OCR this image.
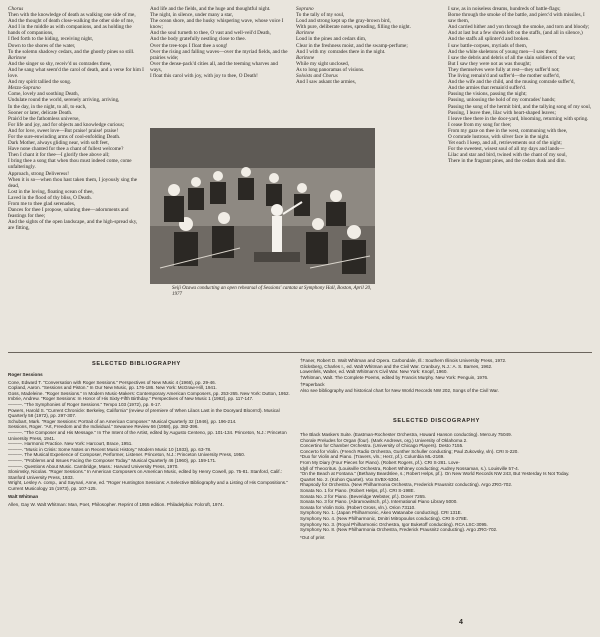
Chorus
Then with the knowledge of death as walking one side of me,
And the thought of death close-walking the other side of me,
And I in the middle as with companions, and as holding the hands of companions,
I fled forth to the hiding, receiving night,
Down to the shores of the water,
To the solemn shadowy cedars, and the ghostly pines so still.
Baritone
And the singer so shy, receiv'd us comrades three,
And he sang what seem'd the carol of death, and a verse for him I love.
And my spirit tallied the song.
Mezzo-Soprano
Come, lovely and soothing Death,
Undulate round the world, serenely arriving, arriving,
In the day, in the night, to all, to each,
Sooner or later, delicate Death.
Prais'd be the fathomless universe,
For life and joy, and for objects and knowledge curious;
And for love, sweet love—But praise! praise! praise!
For the sure-enwinding arms of cool-enfolding Death.
Dark Mother, always gliding near, with soft feet,
Have none chanted for thee a chant of fullest welcome?
Then I chant it for thee—I glorify thee above all;
I bring thee a song that when thou must indeed come, come unfalteringly.
Approach, strong Deliveress!
When it is so—when thou hast taken them, I joyously sing the dead,
Lost in the loving, floating ocean of thee,
Laved in the flood of thy bliss, O Death.
From me to thee glad serenades,
Dances for thee I propose, saluting thee—adornments and feastings for thee;
And the sights of the open landscape, and the high-spread sky, are fitting,
And life and the fields, and the huge and thoughtful night.
The night, in silence, under many a star,
The ocean shore, and the husky whispering wave, whose voice I know;
And the soul turneth to thee, O vast and well-veil'd Death,
And the body gratefully nestling close to thee.
Over the tree-tops I float thee a song!
Over the rising and falling waves—over the myriad fields, and the prairies wide;
Over the dense-pack'd cities all, and the teeming wharves and ways,
I float this carol with joy, with joy to thee, O Death!
Soprano
To the tally of my soul,
Loud and strong kept up the gray-brown bird,
With pure, deliberate notes, spreading, filling the night.
Baritone
Loud in the pines and cedars dim,
Clear in the freshness moist, and the swamp-perfume;
And I with my comrades there in the night.
Baritone
While my sight unclosed,
As to long panoramas of visions.
Soloists and Chorus
And I saw askant the armies,
I saw, as in noiseless dreams, hundreds of battle-flags;
Borne through the smoke of the battle, and pierc'd with missiles, I saw them,
And carried hither and yon through the smoke, and torn and bloody;
And at last but a few shreds left on the staffs, (and all in silence,)
And the staffs all splinter'd and broken.
I saw battle-corpses, myriads of them,
And the white skeletons of young men—I saw them;
I saw the debris and debris of all the slain soldiers of the war;
But I saw they were not as was thought;
They themselves were fully at rest—they suffer'd not;
The living remain'd and suffer'd—the mother suffer'd,
And the wife and the child, and the musing comrade suffer'd,
And the armies that remain'd suffer'd.
Passing the visions, passing the night;
Passing, unloosing the hold of my comrades' hands;
Passing the song of the hermit bird, and the tallying song of my soul,
Passing, I leave thee, lilac with heart-shaped leaves;
I leave thee there in the door-yard, blooming, returning with spring.
I cease from my song for thee;
From my gaze on thee in the west, communing with thee,
O comrade lustrous, with silver face in the night.
Yet each I keep, and all, retrievements out of the night;
For the sweetest, wisest soul of all my days and lands—
Lilac and star and bird, twined with the chant of my soul,
There in the fragrant pines, and the cedars dusk and dim.
Seiji Ozawa conducting an open rehearsal of Sessions' cantata at Symphony Hall, Boston, April 20, 1977
SELECTED BIBLIOGRAPHY
Roger Sessions
Cone, Edward T. "Conversation with Roger Sessions." Perspectives of New Music 4 (1966), pp. 29-46.
Copland, Aaron. "Sessions and Piston." In Our New Music, pp. 176-186. New York: McGraw-Hill, 1941.
Goss, Madeleine. "Roger Sessions." In Modern Music-Makers: Contemporary American Composers, pp. 253-265. New York: Dutton, 1952.
Imbrie, Andrew. "Roger Sessions: In Honor of His Sixty-Fifth Birthday." Perspectives of New Music 1 (1962), pp. 117-147.
———. "The Symphonies of Roger Sessions." Tempo 103 (1972), pp. 6-17.
Powers, Harold S. "Current Chronicle: Berkeley, California" (review of premiere of When Lilacs Last in the Dooryard Bloom'd). Musical Quarterly 58 (1972), pp. 297-307.
Schubart, Mark. "Roger Sessions: Portrait of an American Composer." Musical Quarterly 32 (1946), pp. 196-214.
Sessions, Roger. "Art, Freedom and the Individual." Sewanee Review 66 (1958), pp. 382-396.
———. "The Composer and His Message." In The Intent of the Artist, edited by Augusto Centeno, pp. 101-134. Princeton, N.J.: Princeton University Press, 1941.
———. Harmonic Practice. New York: Harcourt, Brace, 1951.
———. "Music in Crisis: Some Notes on Recent Music History." Modern Music 10 (1933), pp. 63-78.
———. The Musical Experience of Composer, Performer, Listener. Princeton, N.J.: Princeton University Press, 1950.
———. "Problems and Issues Facing the Composer Today." Musical Quarterly 46 (1960), pp. 159-171.
———. Questions About Music. Cambridge, Mass.: Harvard University Press, 1970.
Slonimsky, Nicolas. "Roger Sessions." In American Composers on American Music, edited by Henry Cowell, pp. 75-81. Stanford, Calif.: Stanford University Press, 1933.
Wright, Lesley A. comp., and Saynari, Anne, ed. "Roger Huntington Sessions: A Selective Bibliography and a Listing of His Compositions." Current Musicology 15 (1973), pp. 107-125.
Walt Whitman
Allen, Gay W. Walt Whitman: Man, Poet, Philosopher. Reprint of 1955 edition. Philadelphia: Folcroft, 1974.
†Faner, Robert D. Walt Whitman and Opera. Carbondale, Ill.: Southern Illinois University Press, 1972.
Glicksberg, Charles I., ed. Walt Whitman and the Civil War. Cranbury, N.J.: A. S. Barnes, 1962.
Lowenfels, Walter, ed. Walt Whitman's Civil War. New York: Knopf, 1960.
†Whitman, Walt. The Complete Poems, edited by Francis Murphy. New York: Penguin, 1976.
†Paperback
Also see bibliography and historical chart for New World Records NW 202, Songs of the Civil War.
SELECTED DISCOGRAPHY
The Black Maskers Suite. (Eastman-Rochester Orchestra, Howard Hanson conducting). Mercury 75049.
Chorale Preludes for Organ (four). (Mark Andrews, org.) University of Oklahoma 2.
Concertino for Chamber Orchestra. (University of Chicago Players). Desto 7155.
Concerto for Violin. (French Radio Orchestra, Gunther Schuller conducting; Paul Zukovsky, vln). CRI S-220.
*Duo for Violin and Piano. (Travers, vln.; Herz, pf.). Columbia ML-2169.
From My Diary (Four Pieces for Piano). (Robert Rogers, pf.). CRI S-281. Love-
Idyll of Theocritus. (Louisville Orchestra, Robert Whitney conducting; Audrey Nossaman, s.). Louisville 57-4.
"On the Beach at Fontana." (Bethany Beardslee, s.; Robert Helps, pf.). On New World Records NW 243, But Yesterday Is Not Today.
Quartet No. 2. (Kohon Quartet). Vox SVBX-5304.
Rhapsody for Orchestra. (New Philharmonia Orchestra, Frederick Prausnitz conducting). Argo ZRG-702.
Sonata No. 1 for Piano. (Robert Helps, pf.). CRI S-198E.
Sonata No. 2 for Piano. (Beveridge Webster, pf.). Dover 7265.
Sonata No. 3 for Piano. (Abramowitsch, pf.). International Piano Library 5000.
Sonata for Violin Solo. (Robert Gross, vln.). Orion 73110.
Symphony No. 1. (Japan Philharmonic, Akeo Watanabe conducting). CRI 131E.
Symphony No. 4. (New Philharmonic, Dmitri Mitropoulos conducting). CRI S-278E.
Symphony No. 3. (Royal Philharmonic Orchestra, Igor Buketoff conducting). RCA LSC-3095.
Symphony No. 8. (New Philharmonia Orchestra, Frederick Prausnitz conducting). Argo ZRG-702.
*Out of print
4
